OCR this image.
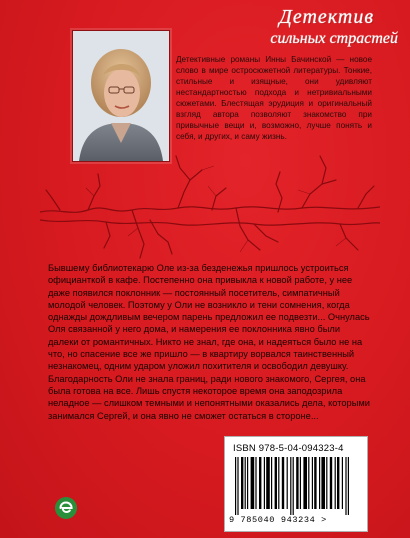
Детектив
сильных страстей
Детективные романы Инны Бачинской — новое слово в мире остросюжетной литературы. Тонкие, стильные и изящные, они удивляют нестандартностью подхода и нетривиальными сюжетами. Блестящая эрудиция и оригинальный взгляд автора позволяют знакомство при привычные вещи и, возможно, лучше понять и себя, и других, и саму жизнь.
Бывшему библиотекарю Оле из-за безденежья пришлось устроиться официанткой в кафе. Постепенно она привыкла к новой работе, у нее даже появился поклонник — постоянный посетитель, симпатичный молодой человек. Поэтому у Оли не возникло и тени сомнения, когда однажды дождливым вечером парень предложил ее подвезти... Очнулась Оля связанной у него дома, и намерения ее поклонника явно были далеки от романтичных. Никто не знал, где она, и надеяться было не на что, но спасение все же пришло — в квартиру ворвался таинственный незнакомец, одним ударом уложил похитителя и освободил девушку. Благодарность Оли не знала границ, ради нового знакомого, Сергея, она была готова на все. Лишь спустя некоторое время она заподозрила неладное — слишком темными и непонятными оказались дела, которыми занимался Сергей, и она явно не сможет остаться в стороне...
ISBN 978-5-04-094323-4
9 785040 943234 >
